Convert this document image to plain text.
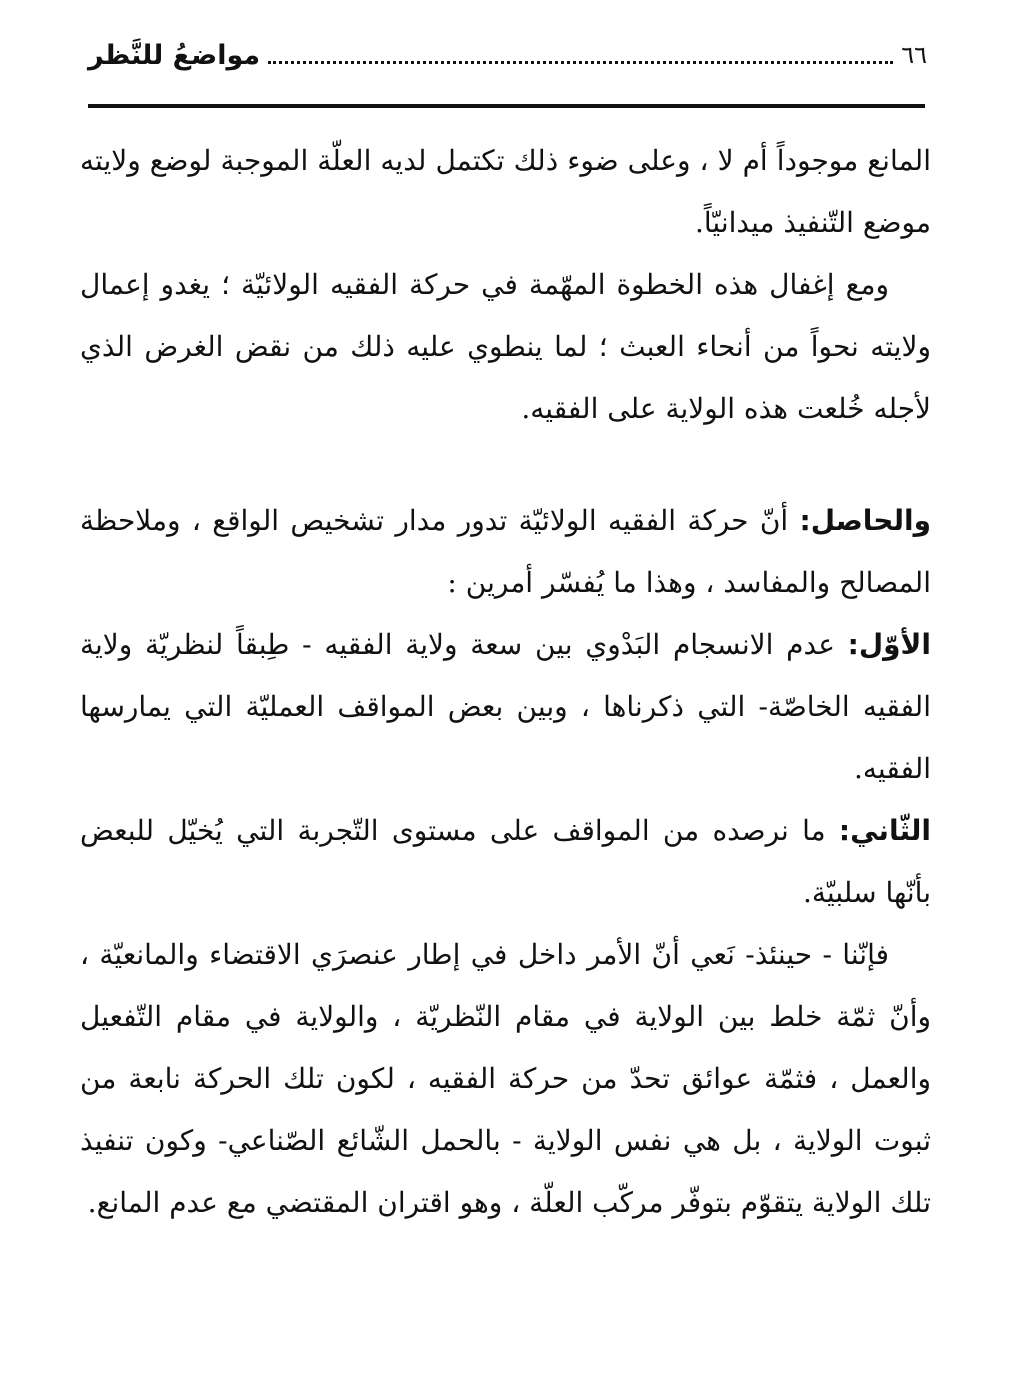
٦٦
مواضعُ للنَّظر

المانع موجوداً أم لا ، وعلى ضوء ذلك تكتمل لديه العلّة الموجبة لوضع ولايته موضع التّنفيذ ميدانيّاً.

ومع إغفال هذه الخطوة المهّمة في حركة الفقيه الولائيّة ؛ يغدو إعمال ولايته نحواً من أنحاء العبث ؛ لما ينطوي عليه ذلك من نقض الغرض الذي لأجله خُلعت هذه الولاية على الفقيه.

والحاصل: أنّ حركة الفقيه الولائيّة تدور مدار تشخيص الواقع ، وملاحظة المصالح والمفاسد ، وهذا ما يُفسّر أمرين :

الأوّل: عدم الانسجام البَدْوي بين سعة ولاية الفقيه - طِبقاً لنظريّة ولاية الفقيه الخاصّة- التي ذكرناها ، وبين بعض المواقف العمليّة التي يمارسها الفقيه.

الثّاني: ما نرصده من المواقف على مستوى التّجربة التي يُخيّل للبعض بأنّها سلبيّة.

فإنّنا - حينئذ- نَعي أنّ الأمر داخل في إطار عنصرَي الاقتضاء والمانعيّة ، وأنّ ثمّة خلط بين الولاية في مقام النّظريّة ، والولاية في مقام التّفعيل والعمل ، فثمّة عوائق تحدّ من حركة الفقيه ، لكون تلك الحركة نابعة من ثبوت الولاية ، بل هي نفس الولاية - بالحمل الشّائع الصّناعي- وكون تنفيذ تلك الولاية يتقوّم بتوفّر مركّب العلّة ، وهو اقتران المقتضي مع عدم المانع.
